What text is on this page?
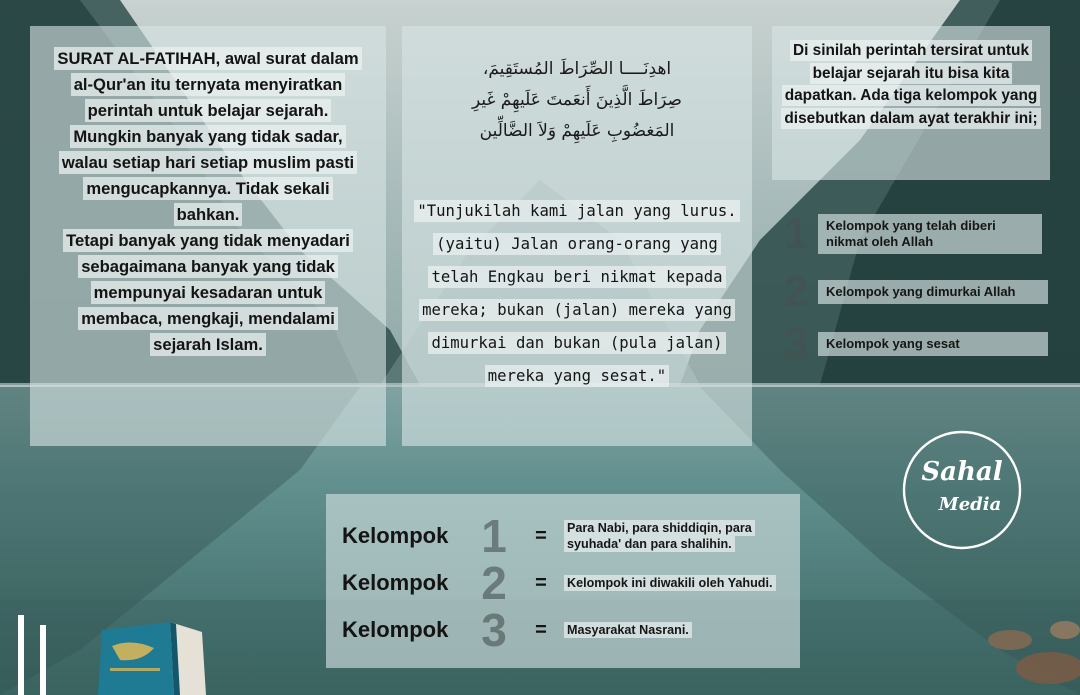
SURAT AL-FATIHAH, awal surat dalam al-Qur'an itu ternyata menyiratkan perintah untuk belajar sejarah. Mungkin banyak yang tidak sadar, walau setiap hari setiap muslim pasti mengucapkannya. Tidak sekali bahkan.
Tetapi banyak yang tidak menyadari sebagaimana banyak yang tidak mempunyai kesadaran untuk membaca, mengkaji, mendalami sejarah Islam.
اهدِنَــــا الصِّرَاطَ المُستَقِيمَ،
صِرَاطَ الَّذِينَ أَنعَمتَ عَلَيهِمْ غَيرِ
المَغضُوبِ عَلَيهِمْ وَلاَ الضَّالِّين
"Tunjukilah kami jalan yang lurus.
(yaitu) Jalan orang-orang yang telah Engkau beri nikmat kepada mereka; bukan (jalan) mereka yang dimurkai dan bukan (pula jalan) mereka yang sesat."
Di sinilah perintah tersirat untuk belajar sejarah itu bisa kita dapatkan. Ada tiga kelompok yang disebutkan dalam ayat terakhir ini;
1	Kelompok yang telah diberi nikmat oleh Allah
2	Kelompok yang dimurkai Allah
3	Kelompok yang sesat
Sahal
Media
Kelompok 1	=	Para Nabi, para shiddiqin, para syuhada' dan para shalihin.
Kelompok 2	=	Kelompok ini diwakili oleh Yahudi.
Kelompok 3	=	Masyarakat Nasrani.
